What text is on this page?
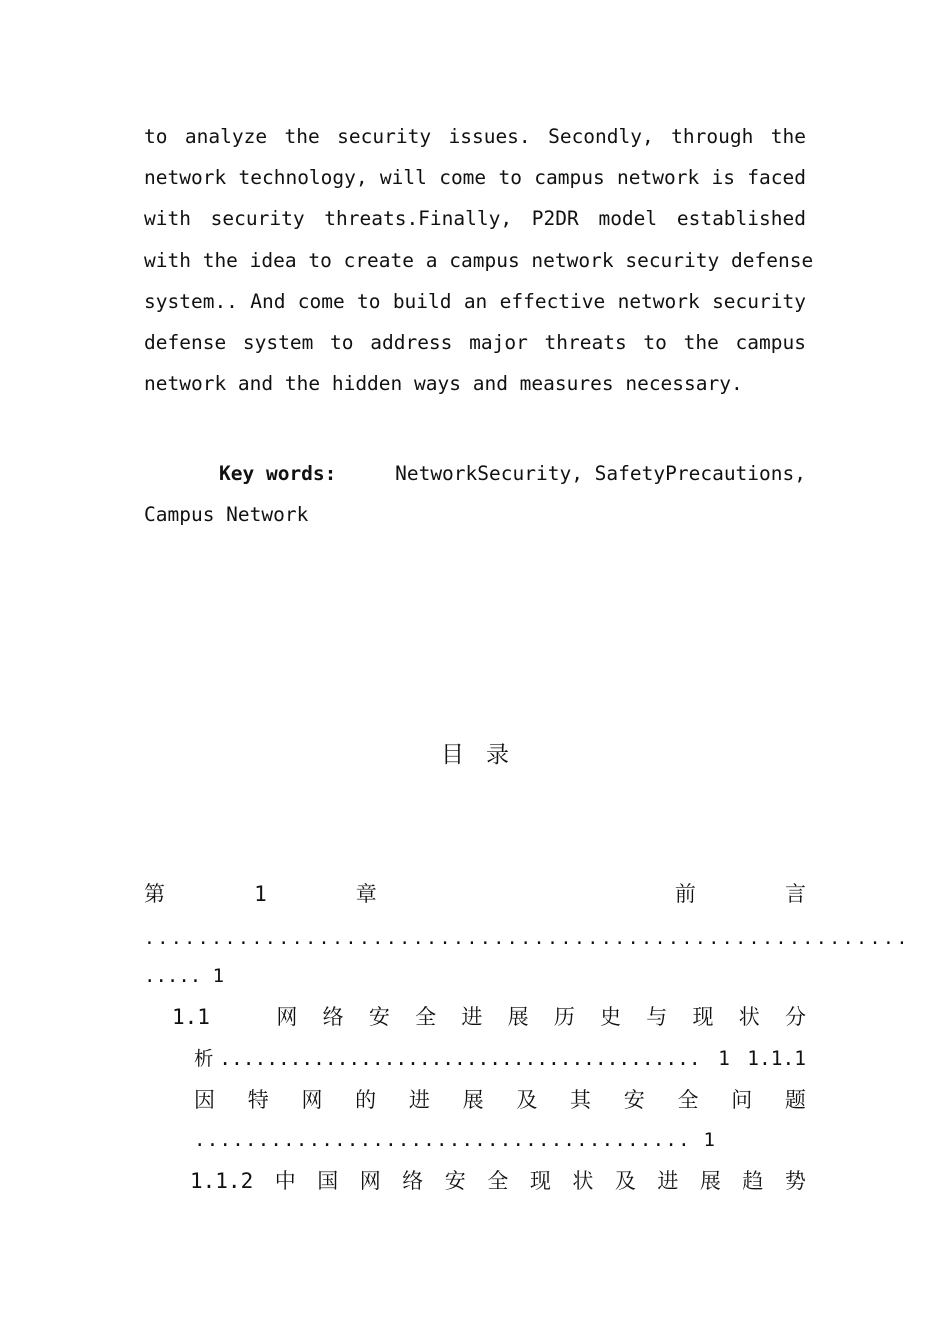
to analyze the security issues. Secondly, through the
network technology, will come to campus network is faced
with security threats.Finally, P2DR model established
with the idea to create a campus network security defense
system.. And come to build an effective network security
defense system to address major threats to the campus
network and the hidden ways and measures necessary.
Key words:	NetworkSecurity, SafetyPrecautions,
Campus Network
目录
第	1	章	前	言
.........................................................
..... 1
1.1	网 络 安 全 进 展 历 史 与 现 状 分
析......................................... 1 1.1.1
因 特 网 的 进 展 及 其 安 全 问 题
....................................... 1
1.1.2 中 国 网 络 安 全 现 状 及 进 展 趋 势
